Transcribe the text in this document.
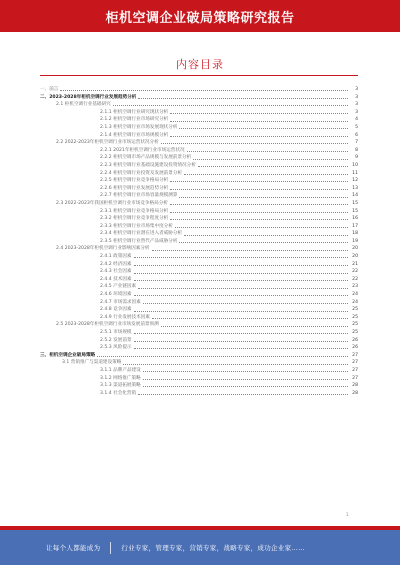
柜机空调企业破局策略研究报告
内容目录
一、前言	3
二、2023-2028年柜机空调行业发展趋势分析	3
2.1 柜机空调行业基础研究	3
2.1.1 柜机空调行业研究现状分析	3
2.1.2 柜机空调行业市场研究分析	4
2.1.3 柜机空调行业市场发展现状分析	5
2.1.4 柜机空调行业市场规模分析	6
2.2 2022-2023年柜机空调行业市场运营状况分析	7
2.2.1 2021年柜机空调行业市场运营状况	8
2.2.2 柜机空调市场产品规模与发展前景分析	9
2.2.3 柜机空调行业基础设施建设投资情况分析	10
2.2.4 柜机空调行业投资及发展前景分析	11
2.2.5 柜机空调行业竞争格局分析	12
2.2.6 柜机空调行业发展趋势分析	13
2.2.7 柜机空调行业市场容量规模测算	14
2.3 2022-2023年我国柜机空调行业市场竞争格局分析	15
2.3.1 柜机空调行业竞争格局分析	15
2.3.2 柜机空调行业竞争程度分析	16
2.3.3 柜机空调行业市场集中度分析	17
2.3.4 柜机空调行业潜在进入者威胁分析	18
2.3.5 柜机空调行业替代产品威胁分析	19
2.4 2023-2028年柜机空调行业影响因素分析	20
2.4.1 政策因素	20
2.4.2 经济因素	21
2.4.3 社会因素	22
2.4.4 技术因素	22
2.4.5 产业链因素	23
2.4.6 环境因素	24
2.4.7 市场需求因素	24
2.4.8 竞争因素	25
2.4.9 行业发展技术因素	25
2.5 2023-2028年柜机空调行业市场发展前景预测	25
2.5.1 市场规模	25
2.5.2 发展前景	26
2.5.3 风险提示	26
三、柜机空调企业破局策略	27
3.1 营销推广与渠道建设策略	27
3.1.1 品牌产品建设	27
3.1.2 网络推广策略	27
3.1.3 渠道拓展策略	28
3.1.4 社会化营销	28
1
让每个人都能成为	行业专家，管理专家，营销专家，战略专家，成功企业家……
